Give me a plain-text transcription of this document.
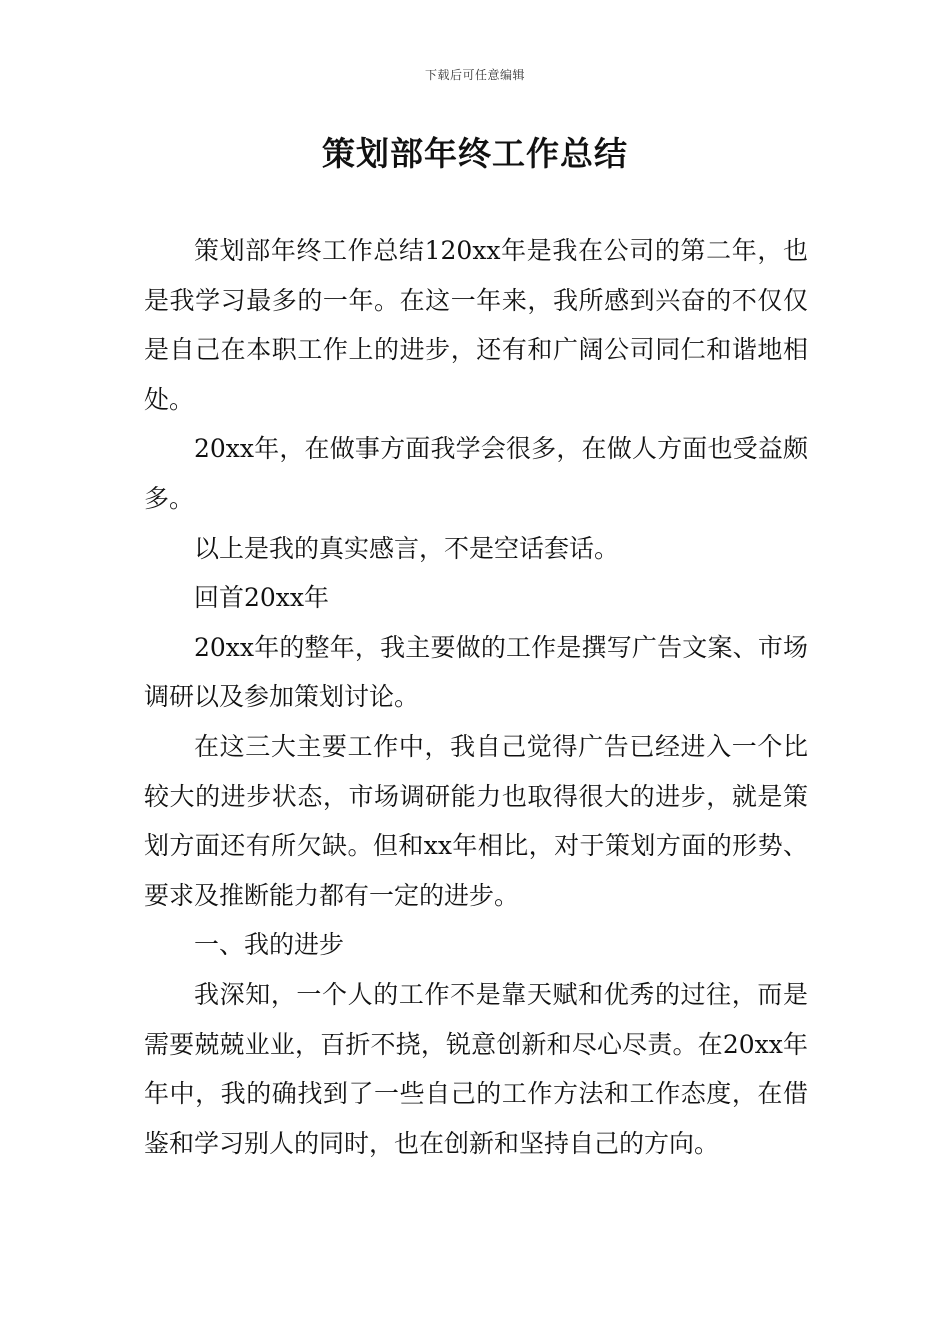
下载后可任意编辑
策划部年终工作总结

策划部年终工作总结120xx年是我在公司的第二年，也是我学习最多的一年。在这一年来，我所感到兴奋的不仅仅是自己在本职工作上的进步，还有和广阔公司同仁和谐地相处。

20xx年，在做事方面我学会很多，在做人方面也受益颇多。

以上是我的真实感言，不是空话套话。

回首20xx年

20xx年的整年，我主要做的工作是撰写广告文案、市场调研以及参加策划讨论。

在这三大主要工作中，我自己觉得广告已经进入一个比较大的进步状态，市场调研能力也取得很大的进步，就是策划方面还有所欠缺。但和xx年相比，对于策划方面的形势、要求及推断能力都有一定的进步。

一、我的进步

我深知，一个人的工作不是靠天赋和优秀的过往，而是需要兢兢业业，百折不挠，锐意创新和尽心尽责。在20xx年年中，我的确找到了一些自己的工作方法和工作态度，在借鉴和学习别人的同时，也在创新和坚持自己的方向。
